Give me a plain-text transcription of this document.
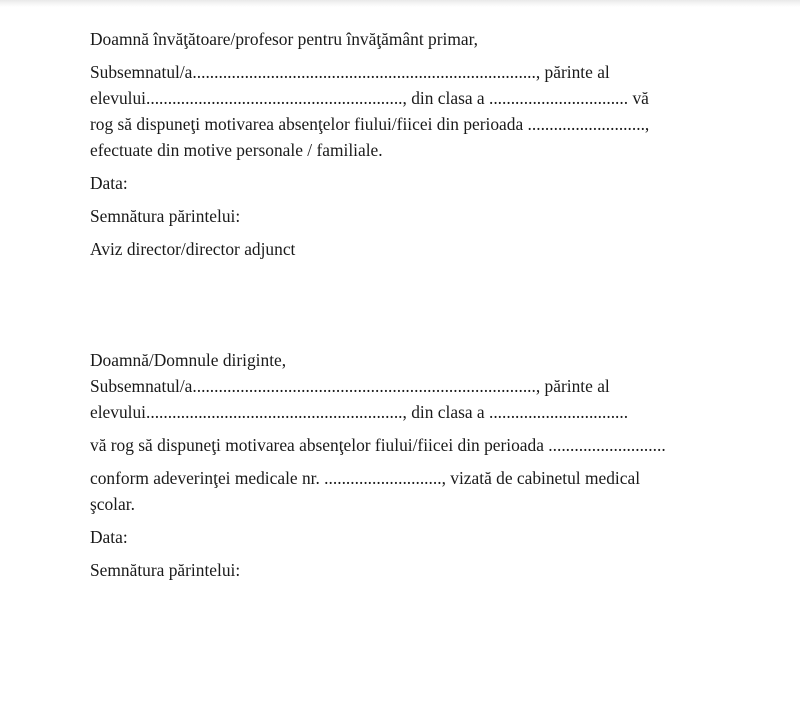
Doamnă învăţătoare/profesor pentru învăţământ primar,

Subsemnatul/a..............................................................................., părinte al elevului..........................................................., din clasa a ................................ vă rog să dispuneţi motivarea absenţelor fiului/fiicei din perioada ..........................., efectuate din motive personale / familiale.

Data:

Semnătura părintelui:

Aviz director/director adjunct

Doamnă/Domnule diriginte,

Subsemnatul/a..............................................................................., părinte al elevului..........................................................., din clasa a ................................

vă rog să dispuneţi motivarea absenţelor fiului/fiicei din perioada ...........................

conform adeverinţei medicale nr. ..........................., vizată de cabinetul medical şcolar.

Data:

Semnătura părintelui:
